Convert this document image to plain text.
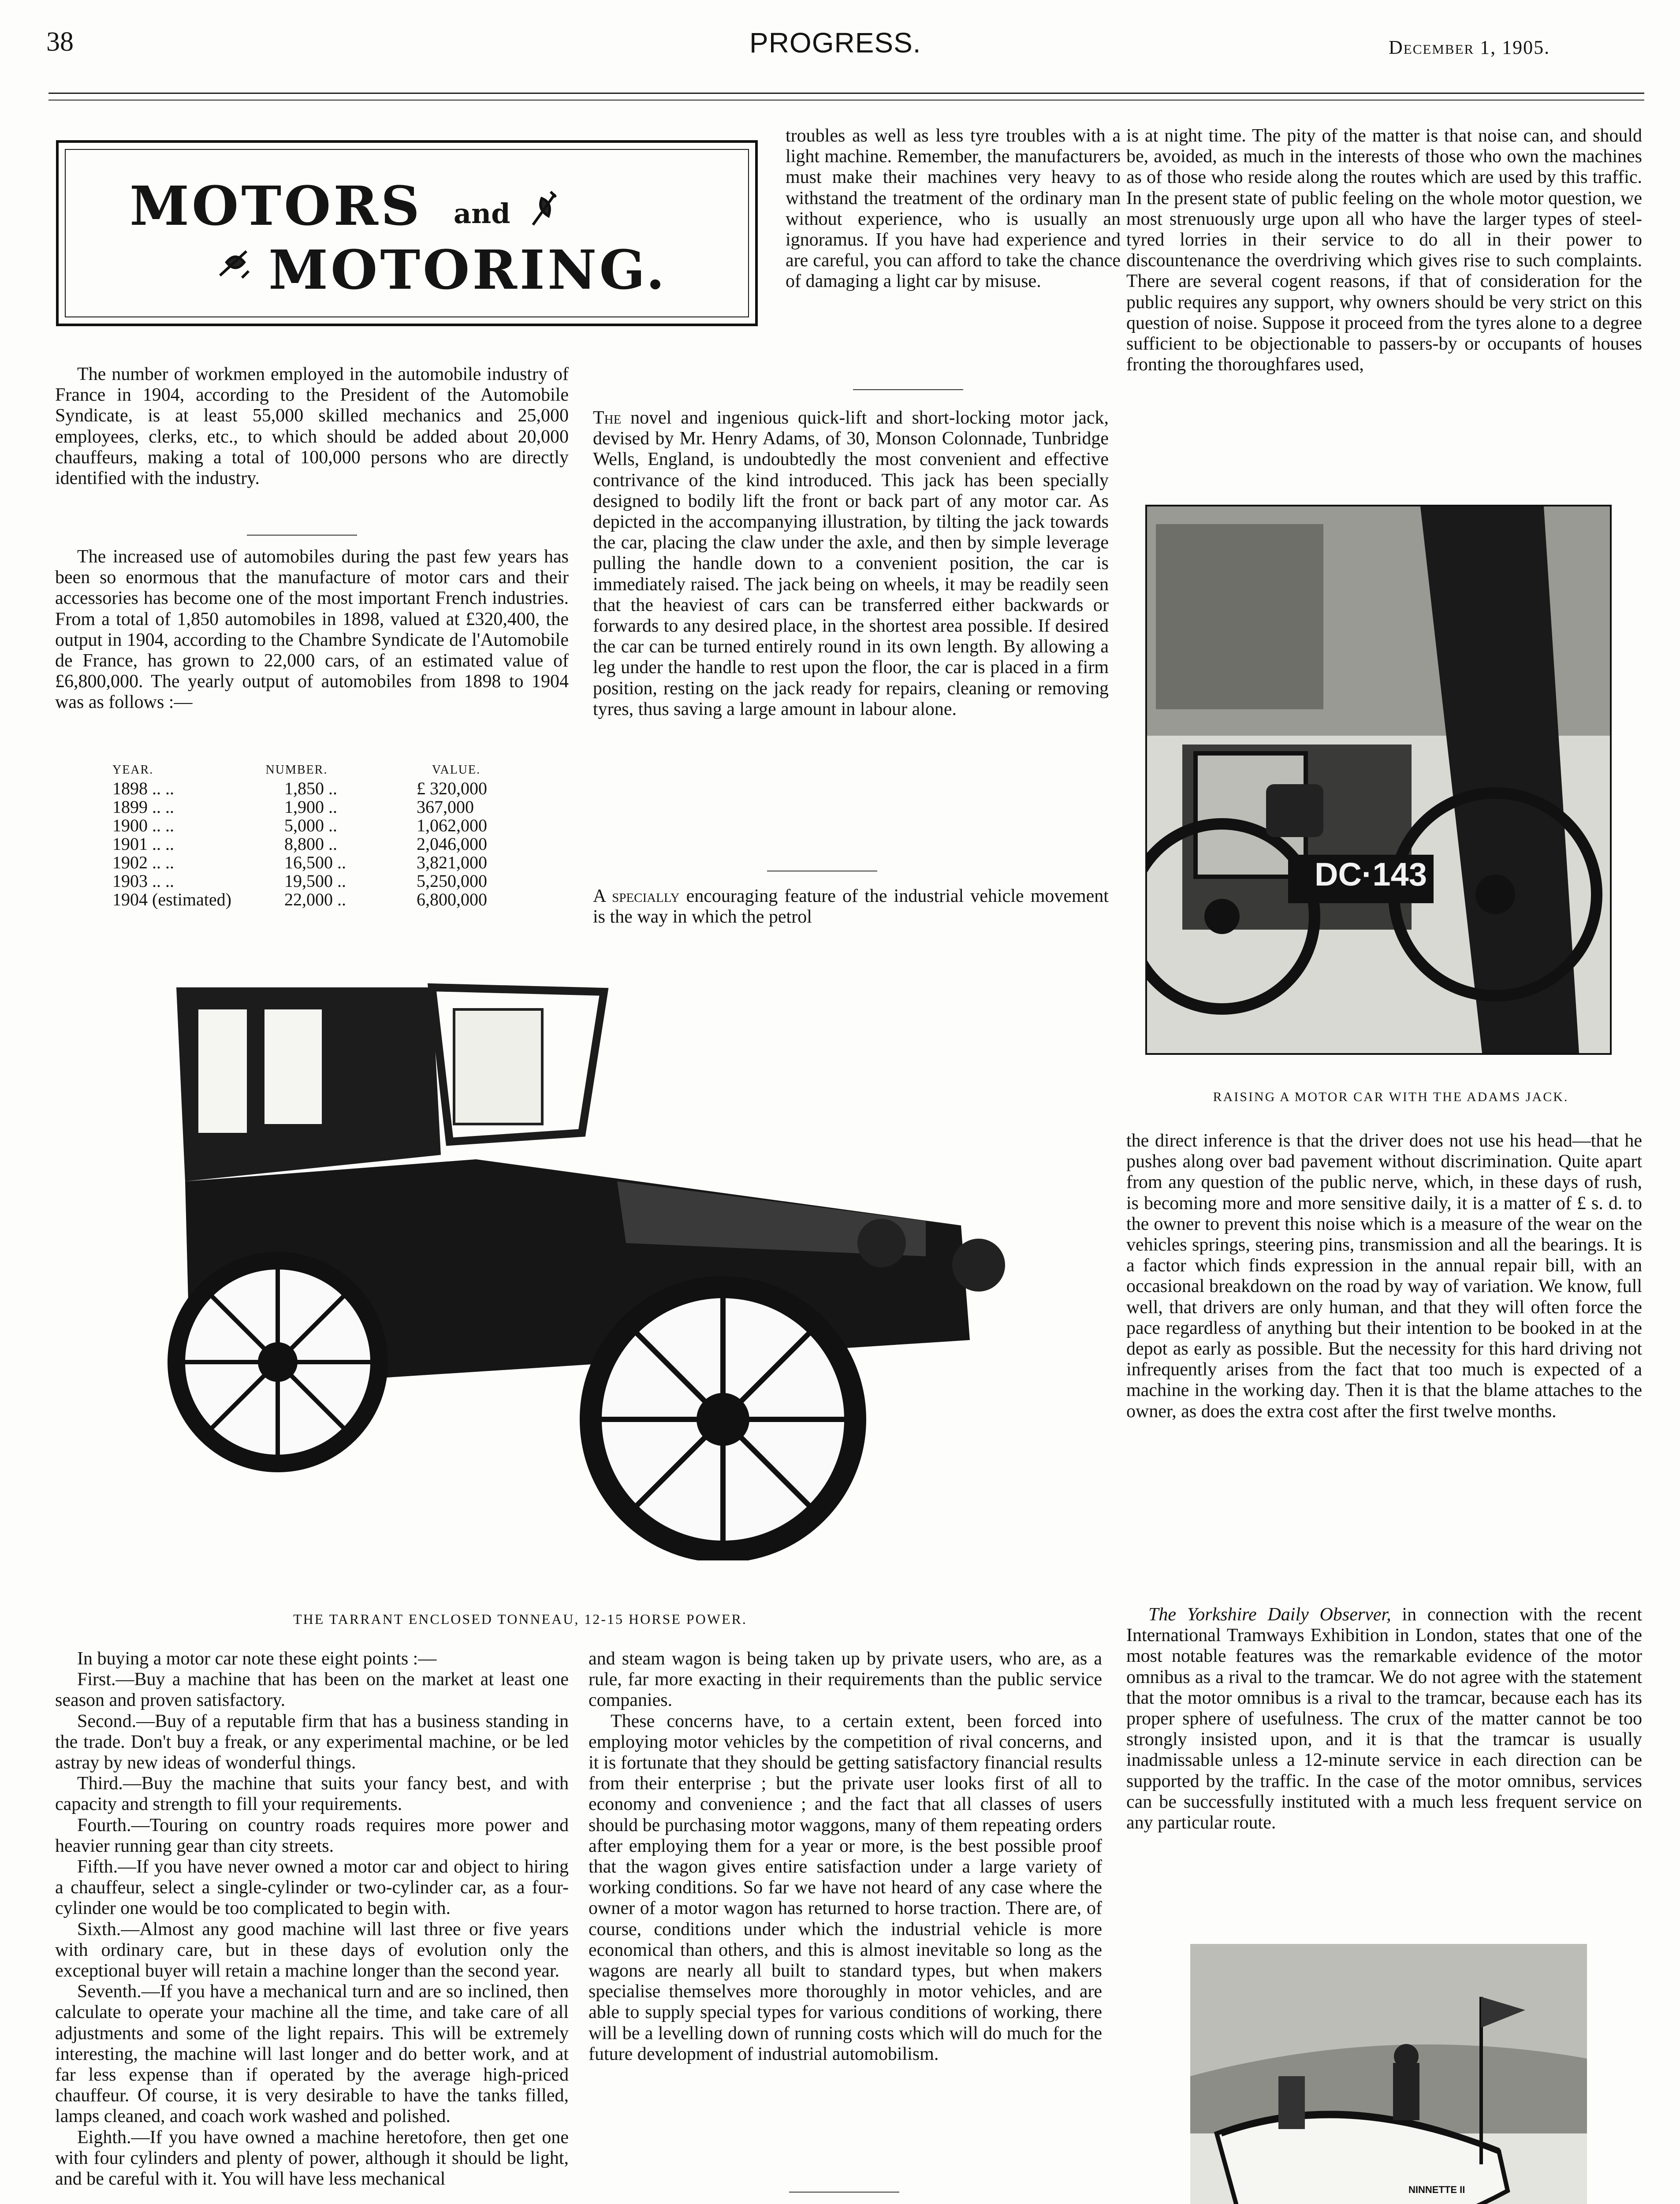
38	PROGRESS.	December 1, 1905.
MOTORS and
MOTORING.

The number of workmen employed in the automobile industry of France in 1904, according to the President of the Automobile Syndicate, is at least 55,000 skilled mechanics and 25,000 employees, clerks, etc., to which should be added about 20,000 chauffeurs, making a total of 100,000 persons who are directly identified with the industry.

The increased use of automobiles during the past few years has been so enormous that the manufacture of motor cars and their accessories has become one of the most important French industries. From a total of 1,850 automobiles in 1898, valued at £320,400, the output in 1904, according to the Chambre Syndicate de l'Automobile de France, has grown to 22,000 cars, of an estimated value of £6,800,000. The yearly output of automobiles from 1898 to 1904 was as follows :—

YEAR.	NUMBER.	VALUE.
1898 .. ..	1,850 ..	£ 320,000
1899 .. ..	1,900 ..	367,000
1900 .. ..	5,000 ..	1,062,000
1901 .. ..	8,800 ..	2,046,000
1902 .. ..	16,500 ..	3,821,000
1903 .. ..	19,500 ..	5,250,000
1904 (estimated)	22,000 ..	6,800,000

troubles as well as less tyre troubles with a light machine. Remember, the manufacturers must make their machines very heavy to withstand the treatment of the ordinary man without experience, who is usually an ignoramus. If you have had experience and are careful, you can afford to take the chance of damaging a light car by misuse.

The novel and ingenious quick-lift and short-locking motor jack, devised by Mr. Henry Adams, of 30, Monson Colonnade, Tunbridge Wells, England, is undoubtedly the most convenient and effective contrivance of the kind introduced. This jack has been specially designed to bodily lift the front or back part of any motor car. As depicted in the accompanying illustration, by tilting the jack towards the car, placing the claw under the axle, and then by simple leverage pulling the handle down to a convenient position, the car is immediately raised. The jack being on wheels, it may be readily seen that the heaviest of cars can be transferred either backwards or forwards to any desired place, in the shortest area possible. If desired the car can be turned entirely round in its own length. By allowing a leg under the handle to rest upon the floor, the car is placed in a firm position, resting on the jack ready for repairs, cleaning or removing tyres, thus saving a large amount in labour alone.

A specially encouraging feature of the industrial vehicle movement is the way in which the petrol

is at night time. The pity of the matter is that noise can, and should be, avoided, as much in the interests of those who own the machines as of those who reside along the routes which are used by this traffic. In the present state of public feeling on the whole motor question, we most strenuously urge upon all who have the larger types of steel-tyred lorries in their service to do all in their power to discountenance the overdriving which gives rise to such complaints. There are several cogent reasons, if that of consideration for the public requires any support, why owners should be very strict on this question of noise. Suppose it proceed from the tyres alone to a degree sufficient to be objectionable to passers-by or occupants of houses fronting the thoroughfares used,

DC·143
RAISING A MOTOR CAR WITH THE ADAMS JACK.

the direct inference is that the driver does not use his head—that he pushes along over bad pavement without discrimination. Quite apart from any question of the public nerve, which, in these days of rush, is becoming more and more sensitive daily, it is a matter of £ s. d. to the owner to prevent this noise which is a measure of the wear on the vehicles springs, steering pins, transmission and all the bearings. It is a factor which finds expression in the annual repair bill, with an occasional breakdown on the road by way of variation. We know, full well, that drivers are only human, and that they will often force the pace regardless of anything but their intention to be booked in at the depot as early as possible. But the necessity for this hard driving not infrequently arises from the fact that too much is expected of a machine in the working day. Then it is that the blame attaches to the owner, as does the extra cost after the first twelve months.

THE TARRANT ENCLOSED TONNEAU, 12-15 HORSE POWER.

In buying a motor car note these eight points :—

First.—Buy a machine that has been on the market at least one season and proven satisfactory.

Second.—Buy of a reputable firm that has a business standing in the trade. Don't buy a freak, or any experimental machine, or be led astray by new ideas of wonderful things.

Third.—Buy the machine that suits your fancy best, and with capacity and strength to fill your requirements.

Fourth.—Touring on country roads requires more power and heavier running gear than city streets.

Fifth.—If you have never owned a motor car and object to hiring a chauffeur, select a single-cylinder or two-cylinder car, as a four-cylinder one would be too complicated to begin with.

Sixth.—Almost any good machine will last three or five years with ordinary care, but in these days of evolution only the exceptional buyer will retain a machine longer than the second year.

Seventh.—If you have a mechanical turn and are so inclined, then calculate to operate your machine all the time, and take care of all adjustments and some of the light repairs. This will be extremely interesting, the machine will last longer and do better work, and at far less expense than if operated by the average high-priced chauffeur. Of course, it is very desirable to have the tanks filled, lamps cleaned, and coach work washed and polished.

Eighth.—If you have owned a machine heretofore, then get one with four cylinders and plenty of power, although it should be light, and be careful with it. You will have less mechanical

and steam wagon is being taken up by private users, who are, as a rule, far more exacting in their requirements than the public service companies.

These concerns have, to a certain extent, been forced into employing motor vehicles by the competition of rival concerns, and it is fortunate that they should be getting satisfactory financial results from their enterprise ; but the private user looks first of all to economy and convenience ; and the fact that all classes of users should be purchasing motor waggons, many of them repeating orders after employing them for a year or more, is the best possible proof that the wagon gives entire satisfaction under a large variety of working conditions. So far we have not heard of any case where the owner of a motor wagon has returned to horse traction. There are, of course, conditions under which the industrial vehicle is more economical than others, and this is almost inevitable so long as the wagons are nearly all built to standard types, but when makers specialise themselves more thoroughly in motor vehicles, and are able to supply special types for various conditions of working, there will be a levelling down of running costs which will do much for the future development of industrial automobilism.

The Yorkshire Daily Observer, in connection with the recent International Tramways Exhibition in London, states that one of the most notable features was the remarkable evidence of the motor omnibus as a rival to the tramcar. We do not agree with the statement that the motor omnibus is a rival to the tramcar, because each has its proper sphere of usefulness. The crux of the matter cannot be too strongly insisted upon, and it is that the tramcar is usually inadmissable unless a 12-minute service in each direction can be supported by the traffic. In the case of the motor omnibus, services can be successfully instituted with a much less frequent service on any particular route.

NINNETTE II
